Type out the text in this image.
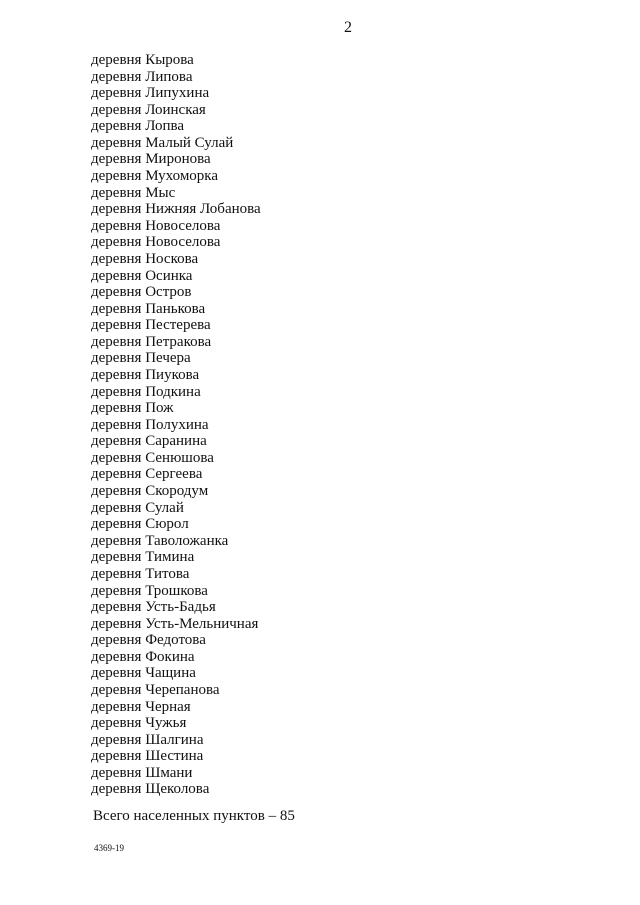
2
деревня Кырова
деревня Липова
деревня Липухина
деревня Лоинская
деревня Лопва
деревня Малый Сулай
деревня Миронова
деревня Мухоморка
деревня Мыс
деревня Нижняя Лобанова
деревня Новоселова
деревня Новоселова
деревня Носкова
деревня Осинка
деревня Остров
деревня Панькова
деревня Пестерева
деревня Петракова
деревня Печера
деревня Пиукова
деревня Подкина
деревня Пож
деревня Полухина
деревня Саранина
деревня Сенюшова
деревня Сергеева
деревня Скородум
деревня Сулай
деревня Сюрол
деревня Таволожанка
деревня Тимина
деревня Титова
деревня Трошкова
деревня Усть-Бадья
деревня Усть-Мельничная
деревня Федотова
деревня Фокина
деревня Чащина
деревня Черепанова
деревня Черная
деревня Чужья
деревня Шалгина
деревня Шестина
деревня Шмани
деревня Щеколова
Всего населенных пунктов – 85
4369-19
